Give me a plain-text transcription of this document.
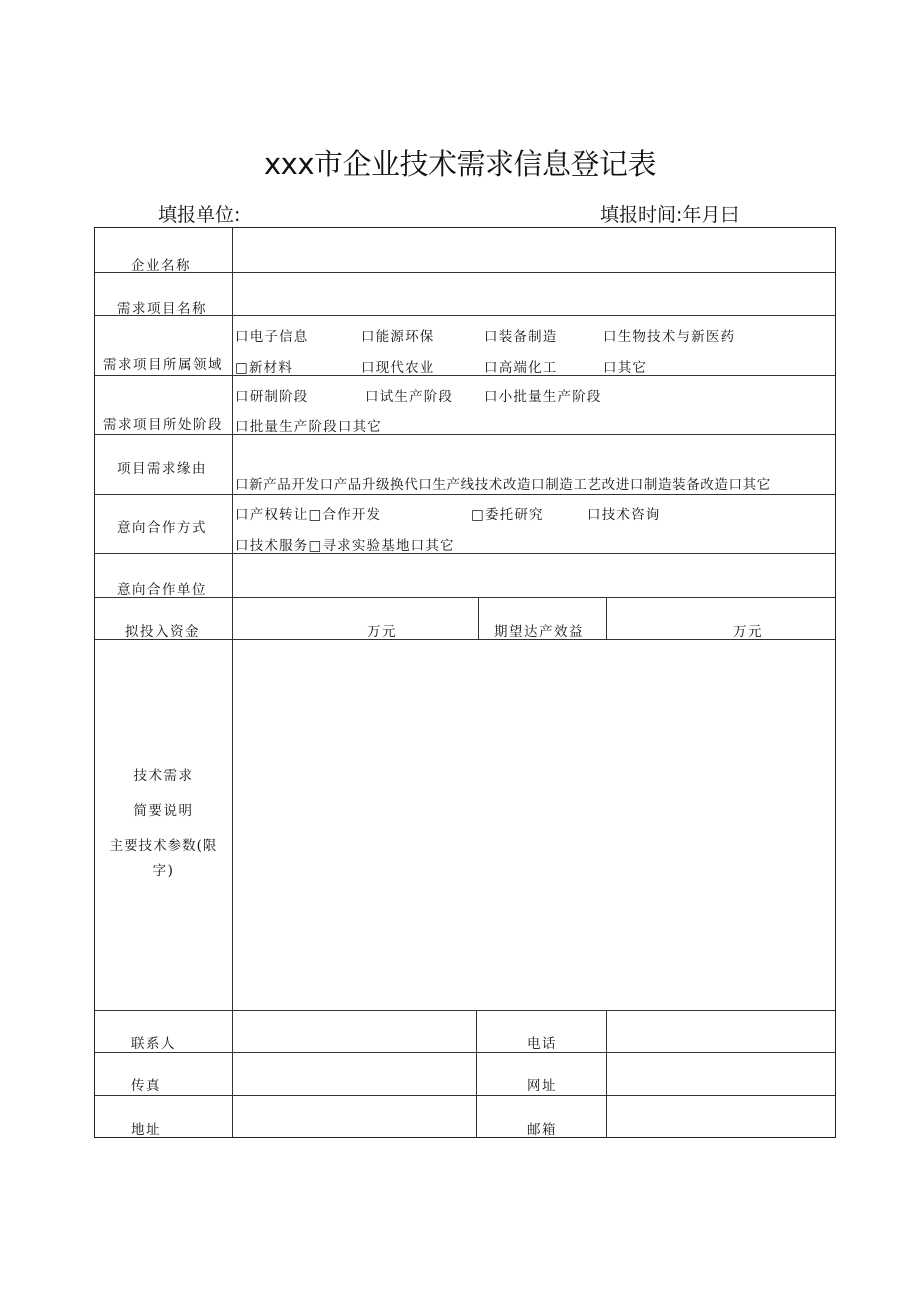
xxx市企业技术需求信息登记表
填报单位:	填报时间:年月曰
企业名称
需求项目名称
需求项目所属领域
口电子信息	口能源环保	口装备制造	口生物技术与新医药
□新材料	口现代农业	口高端化工	口其它
需求项目所处阶段
口研制阶段	口试生产阶段 口小批量生产阶段
口批量生产阶段口其它
项目需求缘由
口新产品开发口产品升级换代口生产线技术改造口制造工艺改进口制造装备改造口其它
意向合作方式
口产权转让□合作开发	□委托研究	口技术咨询
口技术服务□寻求实验基地口其它
意向合作单位
拟投入资金	万元	期望达产效益	万元
技术需求
简要说明
主要技术参数(限
字)
联系人	电话
传真	网址
地址	邮箱
